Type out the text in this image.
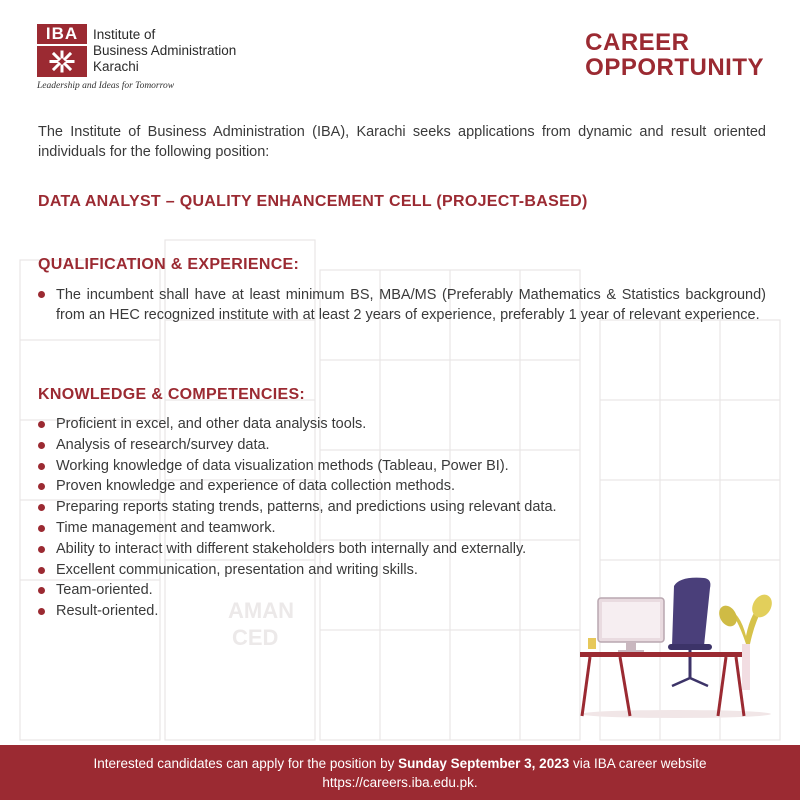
AMAN
CED
IBA	Institute of
Business Administration
Karachi
Leadership and Ideas for Tomorrow
CAREER
OPPORTUNITY

The Institute of Business Administration (IBA), Karachi seeks applications from dynamic and result oriented individuals for the following position:

DATA ANALYST – QUALITY ENHANCEMENT CELL (PROJECT-BASED)
QUALIFICATION & EXPERIENCE:
The incumbent shall have at least minimum BS, MBA/MS (Preferably Mathematics & Statistics background) from an HEC recognized institute with at least 2 years of experience, preferably 1 year of relevant experience.
KNOWLEDGE & COMPETENCIES:
Proficient in excel, and other data analysis tools.
Analysis of research/survey data.
Working knowledge of data visualization methods (Tableau, Power BI).
Proven knowledge and experience of data collection methods.
Preparing reports stating trends, patterns, and predictions using relevant data.
Time management and teamwork.
Ability to interact with different stakeholders both internally and externally.
Excellent communication, presentation and writing skills.
Team-oriented.
Result-oriented.
Interested candidates can apply for the position by Sunday September 3, 2023 via IBA career website
https://careers.iba.edu.pk.
